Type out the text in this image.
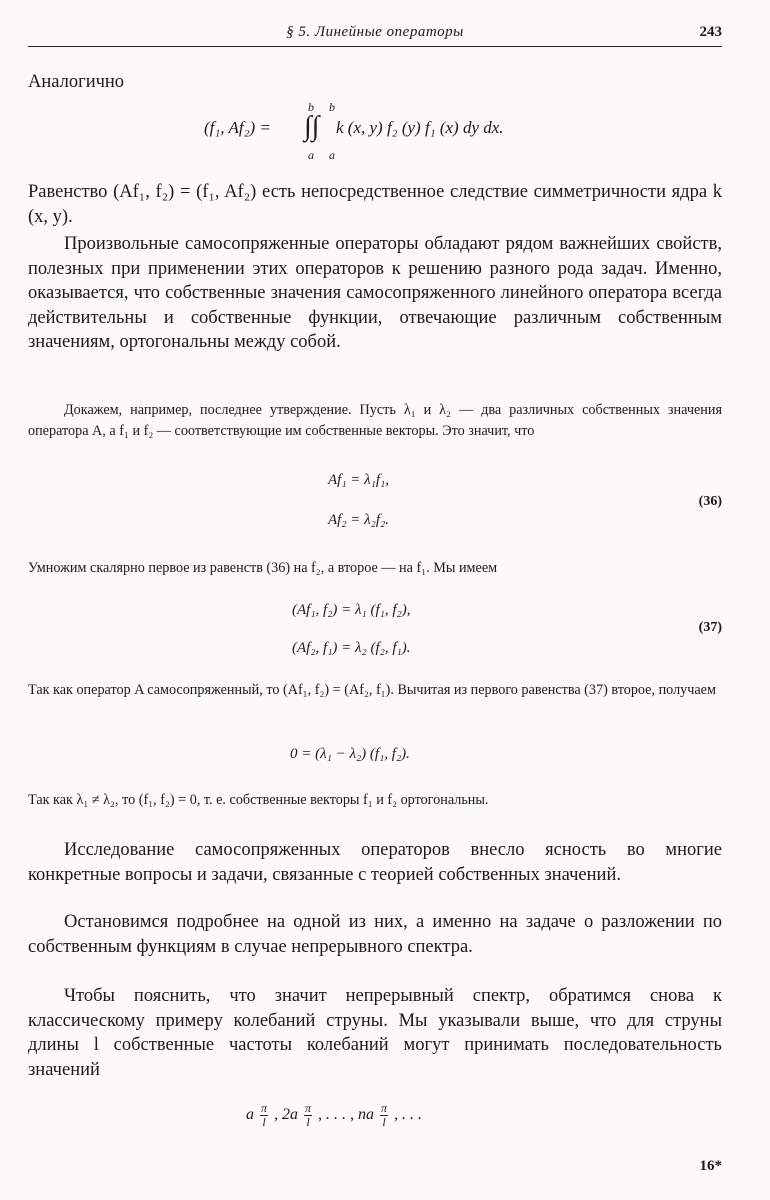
§ 5. Линейные операторы	243
Аналогично
(f₁, Af₂) =
b b
∫∫
a a
k (x, y) f₂ (y) f₁ (x) dy dx.
Равенство (Af₁, f₂) = (f₁, Af₂) есть непосредственное следствие симметричности ядра k (x, y).
Произвольные самосопряженные операторы обладают рядом важнейших свойств, полезных при применении этих операторов к решению разного рода задач. Именно, оказывается, что собственные значения самосопряженного линейного оператора всегда действительны и собственные функции, отвечающие различным собственным значениям, ортогональны между собой.
Докажем, например, последнее утверждение. Пусть λ₁ и λ₂ — два различных собственных значения оператора A, а f₁ и f₂ — соответствующие им собственные векторы. Это значит, что
Af₁ = λ₁f₁,
Af₂ = λ₂f₂.
(36)
Умножим скалярно первое из равенств (36) на f₂, а второе — на f₁. Мы имеем
(Af₁, f₂) = λ₁ (f₁, f₂),
(Af₂, f₁) = λ₂ (f₂, f₁).
(37)
Так как оператор A самосопряженный, то (Af₁, f₂) = (Af₂, f₁). Вычитая из первого равенства (37) второе, получаем
0 = (λ₁ − λ₂) (f₁, f₂).
Так как λ₁ ≠ λ₂, то (f₁, f₂) = 0, т. е. собственные векторы f₁ и f₂ ортогональны.
Исследование самосопряженных операторов внесло ясность во многие конкретные вопросы и задачи, связанные с теорией собственных значений.
Остановимся подробнее на одной из них, а именно на задаче о разложении по собственным функциям в случае непрерывного спектра.
Чтобы пояснить, что значит непрерывный спектр, обратимся снова к классическому примеру колебаний струны. Мы указывали выше, что для струны длины l собственные частоты колебаний могут принимать последовательность значений
a $\frac{\pi}{l}$ , $2a \frac{\pi}{l}$ , . . . , na $\frac{\pi}{l}$ , . . .
16*
